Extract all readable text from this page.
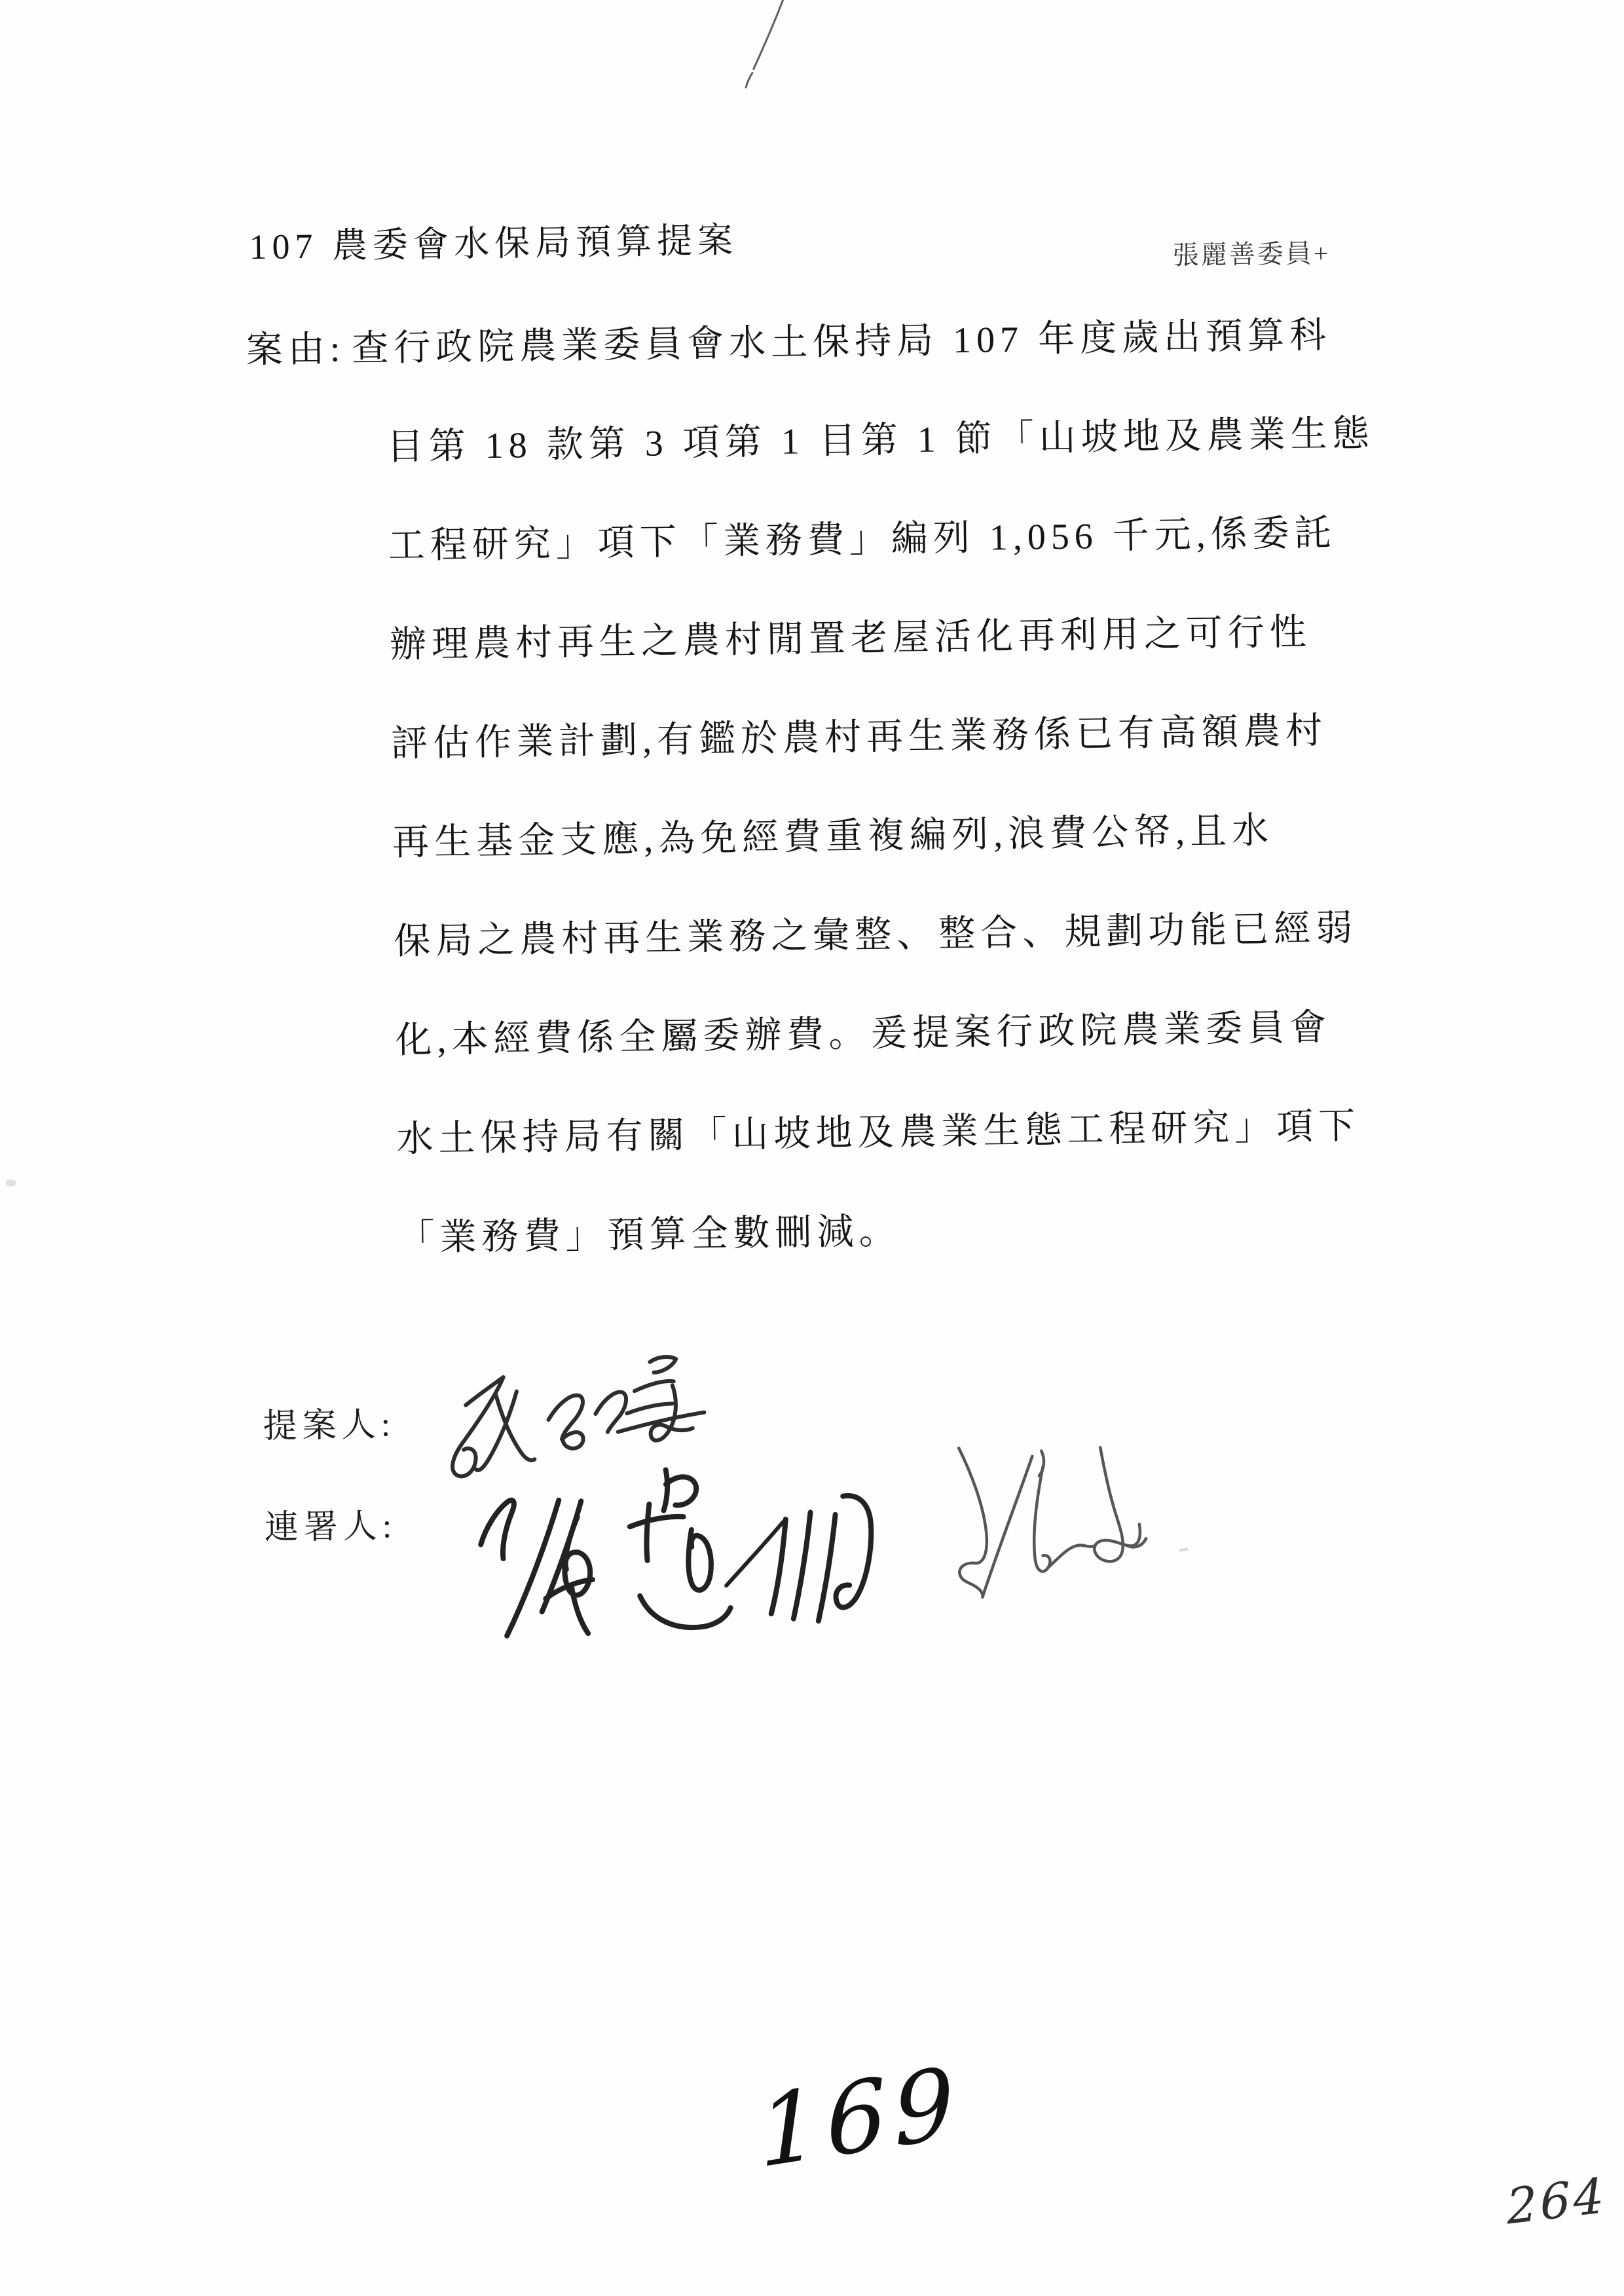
107 農委會水保局預算提案	張麗善委員+
案由: 查行政院農業委員會水土保持局 107 年度歲出預算科
目第 18 款第 3 項第 1 目第 1 節「山坡地及農業生態
工程研究」項下「業務費」編列 1,056 千元,係委託
辦理農村再生之農村閒置老屋活化再利用之可行性
評估作業計劃,有鑑於農村再生業務係已有高額農村
再生基金支應,為免經費重複編列,浪費公帑,且水
保局之農村再生業務之彙整、整合、規劃功能已經弱
化,本經費係全屬委辦費。爰提案行政院農業委員會
水土保持局有關「山坡地及農業生態工程研究」項下
「業務費」預算全數刪減。
提案人:
連署人:
169
264
